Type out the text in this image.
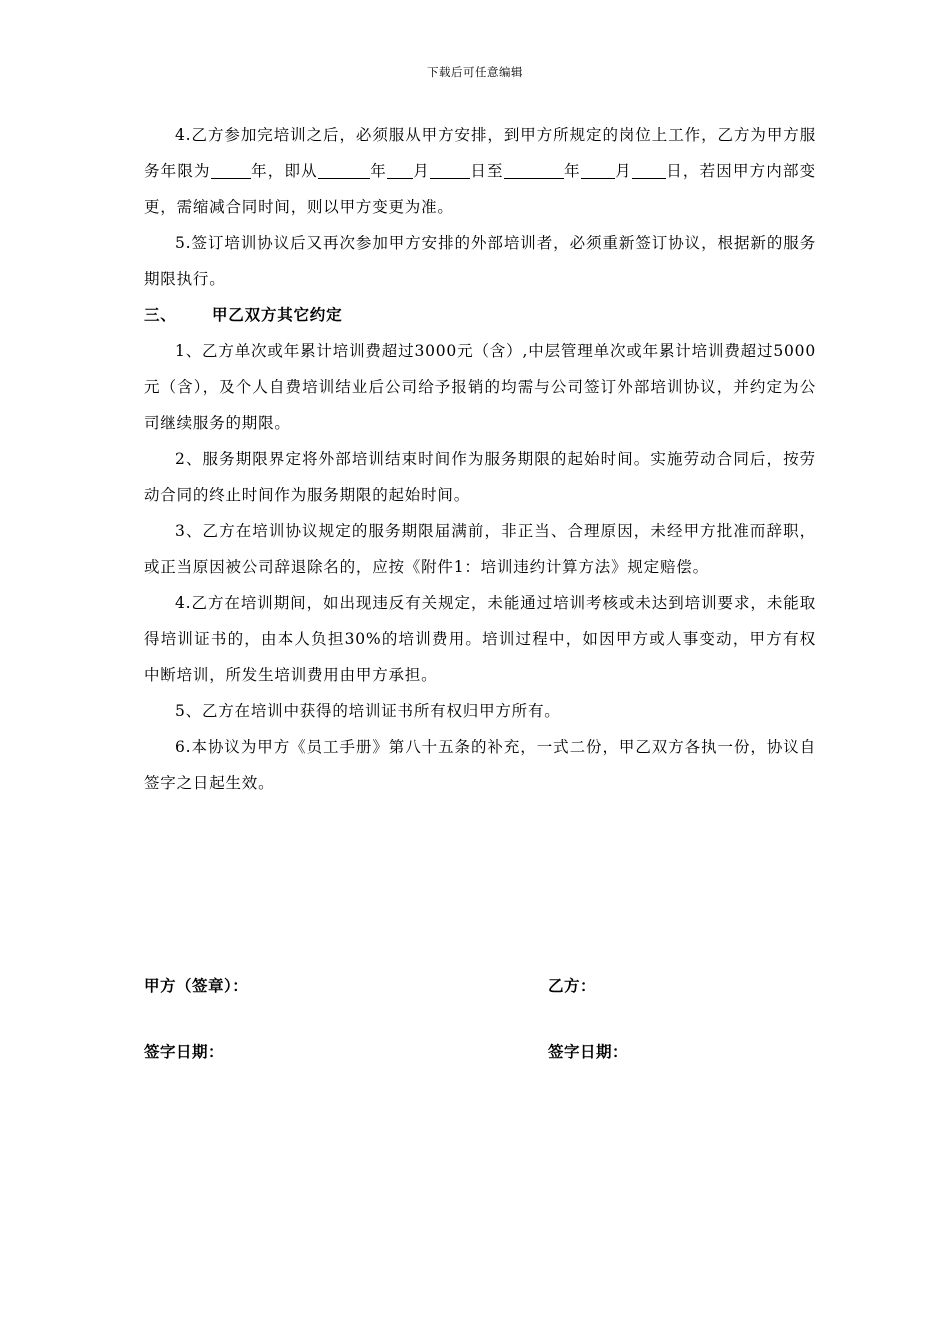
下载后可任意编辑

4.乙方参加完培训之后，必须服从甲方安排，到甲方所规定的岗位上工作，乙方为甲方服务年限为	年，即从	年 月	日至	年 月 日，若因甲方内部变更，需缩减合同时间，则以甲方变更为准。

5.签订培训协议后又再次参加甲方安排的外部培训者，必须重新签订协议，根据新的服务期限执行。

三、 甲乙双方其它约定

1、乙方单次或年累计培训费超过3000元（含）,中层管理单次或年累计培训费超过5000元（含），及个人自费培训结业后公司给予报销的均需与公司签订外部培训协议，并约定为公司继续服务的期限。

2、服务期限界定将外部培训结束时间作为服务期限的起始时间。实施劳动合同后，按劳动合同的终止时间作为服务期限的起始时间。

3、乙方在培训协议规定的服务期限届满前，非正当、合理原因，未经甲方批准而辞职，或正当原因被公司辞退除名的，应按《附件1：培训违约计算方法》规定赔偿。

4.乙方在培训期间，如出现违反有关规定，未能通过培训考核或未达到培训要求，未能取得培训证书的，由本人负担30%的培训费用。培训过程中，如因甲方或人事变动，甲方有权中断培训，所发生培训费用由甲方承担。

5、乙方在培训中获得的培训证书所有权归甲方所有。

6.本协议为甲方《员工手册》第八十五条的补充，一式二份，甲乙双方各执一份，协议自签字之日起生效。

甲方（签章）：	乙方：
签字日期：	签字日期：
